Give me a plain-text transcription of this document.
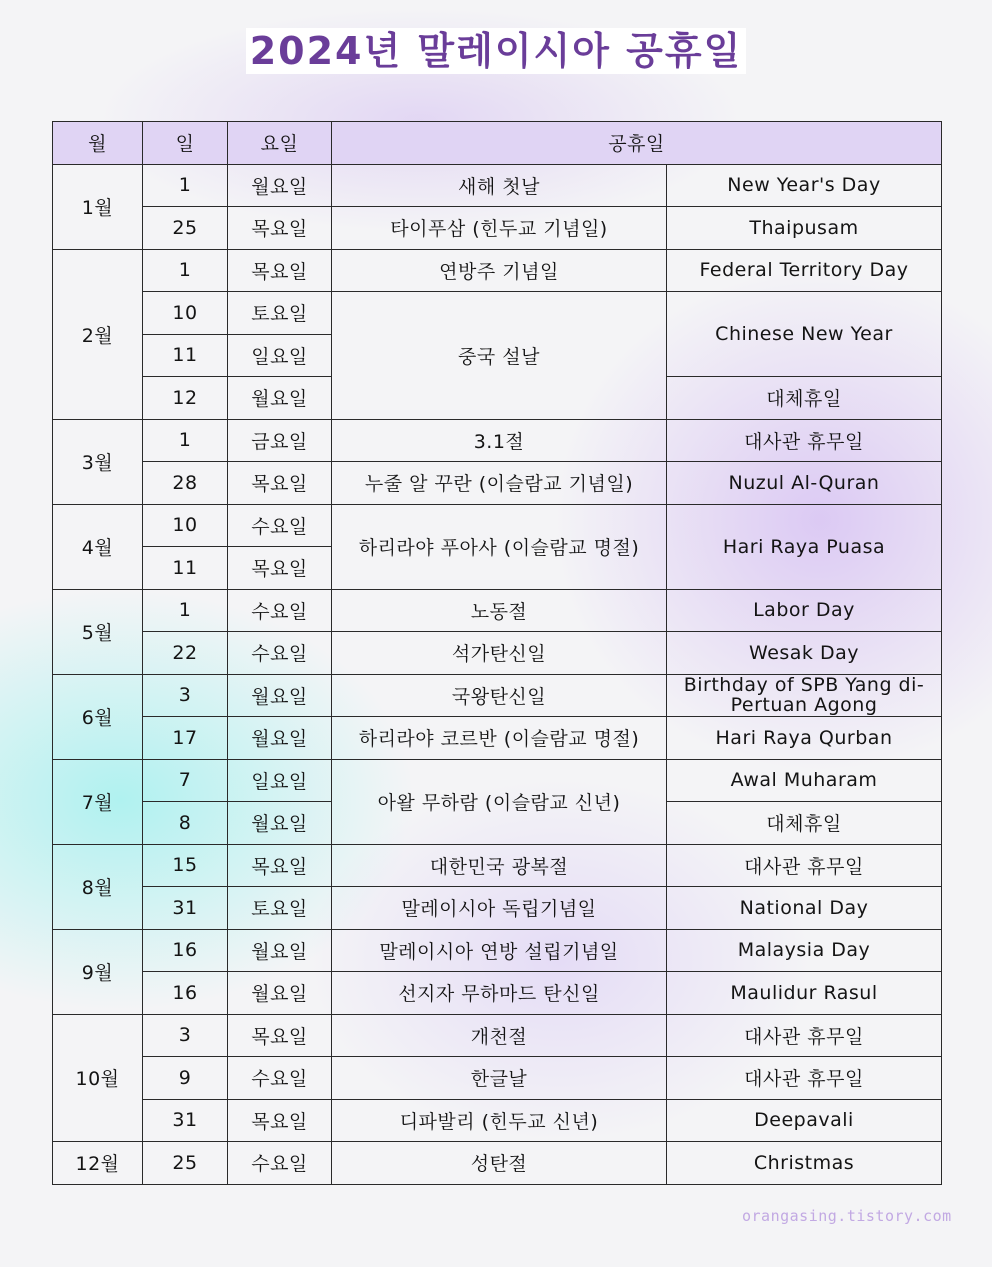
2024년 말레이시아 공휴일
월	일	요일	공휴일	
1월	1	월요일	새해 첫날	New Year's Day
	25	목요일	타이푸삼 (힌두교 기념일)	Thaipusam
2월	1	목요일	연방주 기념일	Federal Territory Day
	10	토요일	중국 설날	Chinese New Year
	11	일요일		
	12	월요일		대체휴일
3월	1	금요일	3.1절	대사관 휴무일
	28	목요일	누줄 알 꾸란 (이슬람교 기념일)	Nuzul Al-Quran
4월	10	수요일	하리라야 푸아사 (이슬람교 명절)	Hari Raya Puasa
	11	목요일		
5월	1	수요일	노동절	Labor Day
	22	수요일	석가탄신일	Wesak Day
6월	3	월요일	국왕탄신일	Birthday of SPB Yang di-Pertuan Agong
	17	월요일	하리라야 코르반 (이슬람교 명절)	Hari Raya Qurban
7월	7	일요일	아왈 무하람 (이슬람교 신년)	Awal Muharam
	8	월요일		대체휴일
8월	15	목요일	대한민국 광복절	대사관 휴무일
	31	토요일	말레이시아 독립기념일	National Day
9월	16	월요일	말레이시아 연방 설립기념일	Malaysia Day
	16	월요일	선지자 무하마드 탄신일	Maulidur Rasul
10월	3	목요일	개천절	대사관 휴무일
	9	수요일	한글날	대사관 휴무일
	31	목요일	디파발리 (힌두교 신년)	Deepavali
12월	25	수요일	성탄절	Christmas
orangasing.tistory.com
